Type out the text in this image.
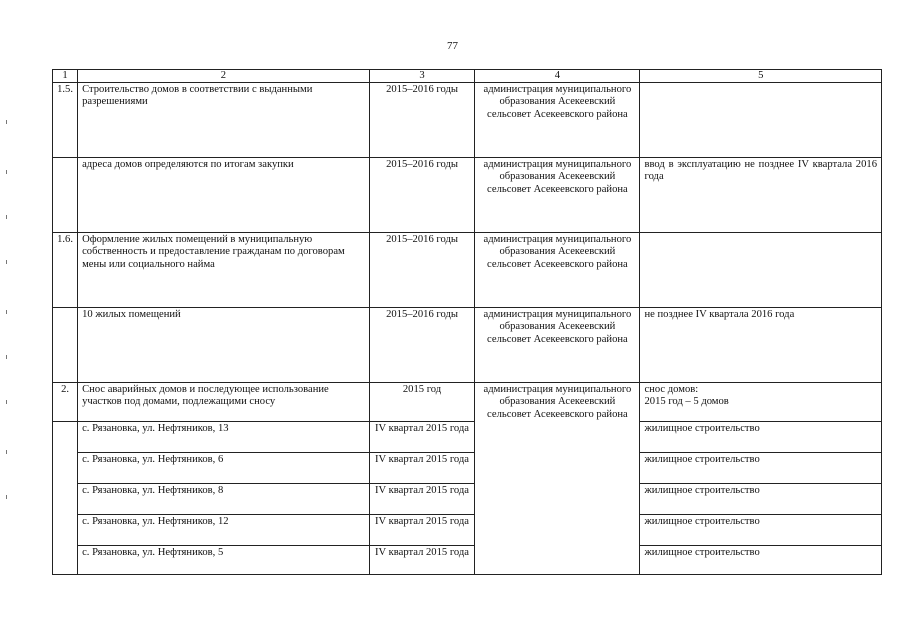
77
1	2	3	4	5
1.5.	Строительство домов в соответствии с выданными разрешениями	2015–2016 годы	администрация муниципального образования Асекеевский сельсовет Асекеевского района	
	адреса домов определяются по итогам закупки	2015–2016 годы	администрация муниципального образования Асекеевский сельсовет Асекеевского района	ввод в эксплуатацию не позднее IV квартала 2016 года
1.6.	Оформление жилых помещений в муниципальную собственность и предоставление гражданам по договорам мены или социального найма	2015–2016 годы	администрация муниципального образования Асекеевский сельсовет Асекеевского района	
	10 жилых помещений	2015–2016 годы	администрация муниципального образования Асекеевский сельсовет Асекеевского района	не позднее IV квартала 2016 года
2.	Снос аварийных домов и последующее использование участков под домами, подлежащими сносу	2015 год	администрация муниципального образования Асекеевский сельсовет Асекеевского района	снос домов:
2015 год – 5 домов

	с. Рязановка, ул. Нефтяников, 13	IV квартал 2015 года		жилищное строительство
	с. Рязановка, ул. Нефтяников, 6	IV квартал 2015 года		жилищное строительство
	с. Рязановка, ул. Нефтяников, 8	IV квартал 2015 года		жилищное строительство
	с. Рязановка, ул. Нефтяников, 12	IV квартал 2015 года		жилищное строительство
	с. Рязановка, ул. Нефтяников, 5	IV квартал 2015 года		жилищное строительство
